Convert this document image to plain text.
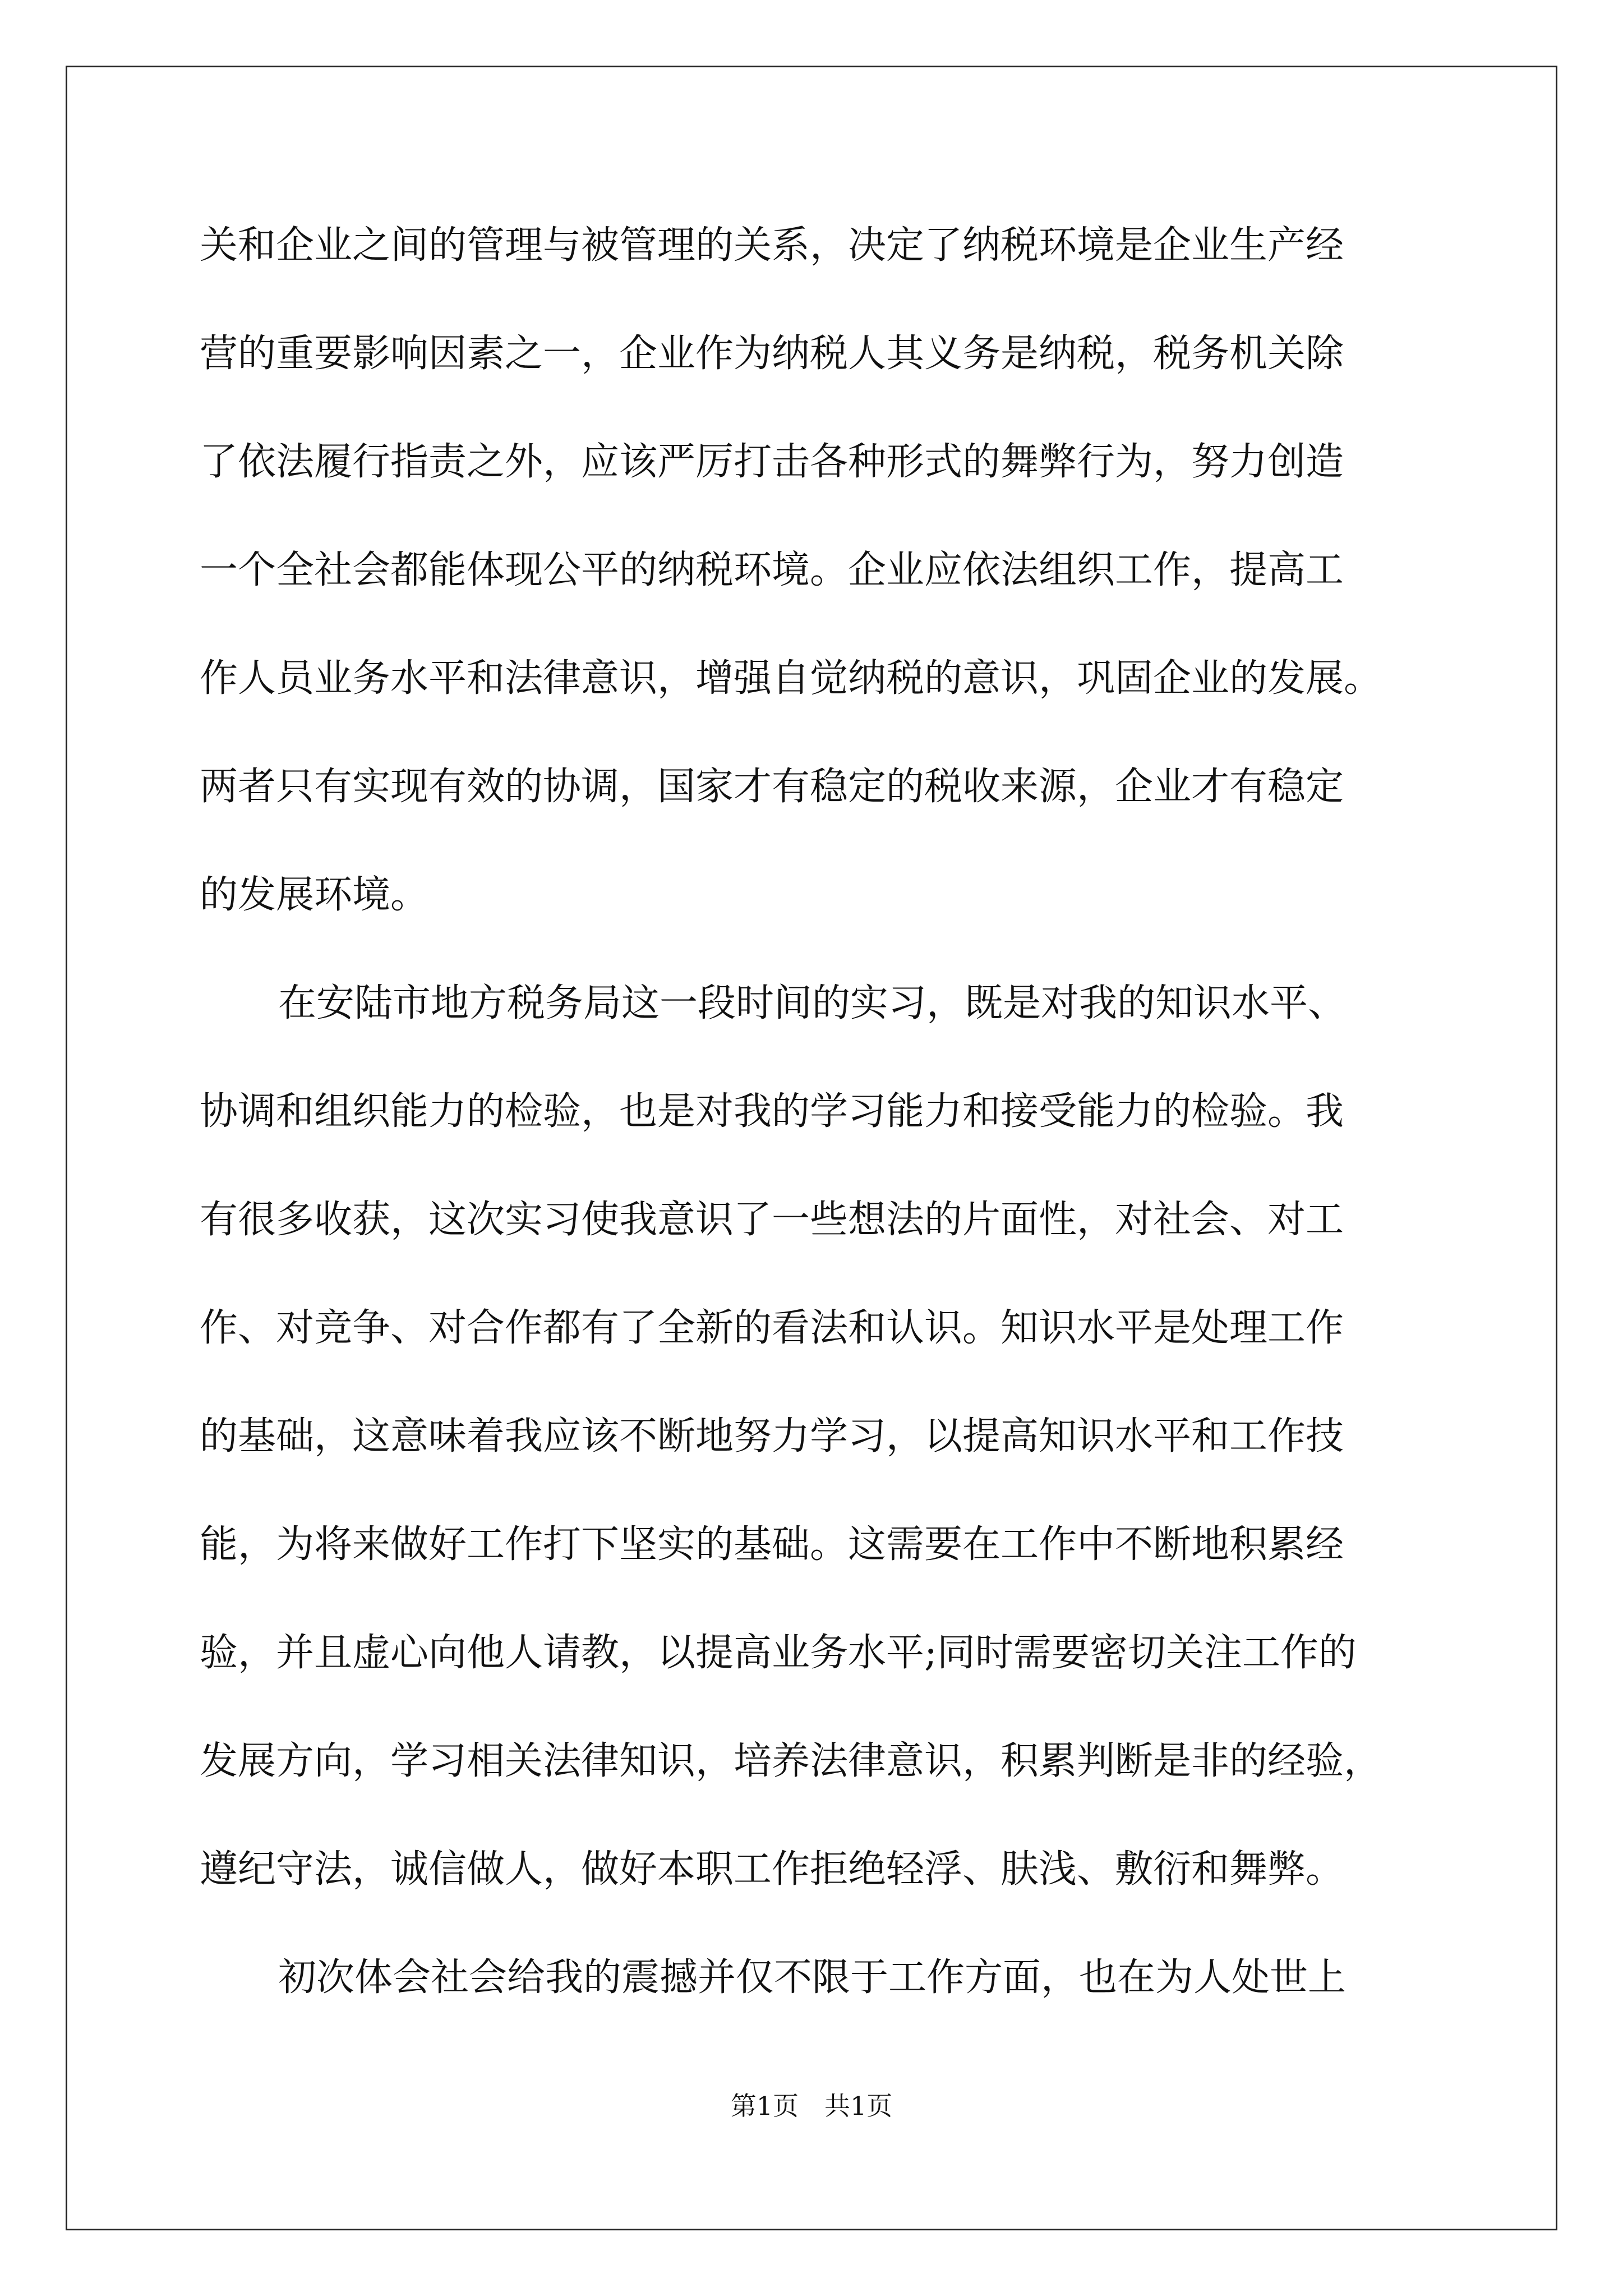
关和企业之间的管理与被管理的关系，决定了纳税环境是企业生产经
营的重要影响因素之一，企业作为纳税人其义务是纳税，税务机关除
了依法履行指责之外，应该严厉打击各种形式的舞弊行为，努力创造
一个全社会都能体现公平的纳税环境。企业应依法组织工作，提高工
作人员业务水平和法律意识，增强自觉纳税的意识，巩固企业的发展。
两者只有实现有效的协调，国家才有稳定的税收来源，企业才有稳定
的发展环境。
在安陆市地方税务局这一段时间的实习，既是对我的知识水平、
协调和组织能力的检验，也是对我的学习能力和接受能力的检验。我
有很多收获，这次实习使我意识了一些想法的片面性，对社会、对工
作、对竞争、对合作都有了全新的看法和认识。知识水平是处理工作
的基础，这意味着我应该不断地努力学习，以提高知识水平和工作技
能，为将来做好工作打下坚实的基础。这需要在工作中不断地积累经
验，并且虚心向他人请教，以提高业务水平;同时需要密切关注工作的
发展方向，学习相关法律知识，培养法律意识，积累判断是非的经验，
遵纪守法，诚信做人，做好本职工作拒绝轻浮、肤浅、敷衍和舞弊。
初次体会社会给我的震撼并仅不限于工作方面，也在为人处世上
第1页　共1页
